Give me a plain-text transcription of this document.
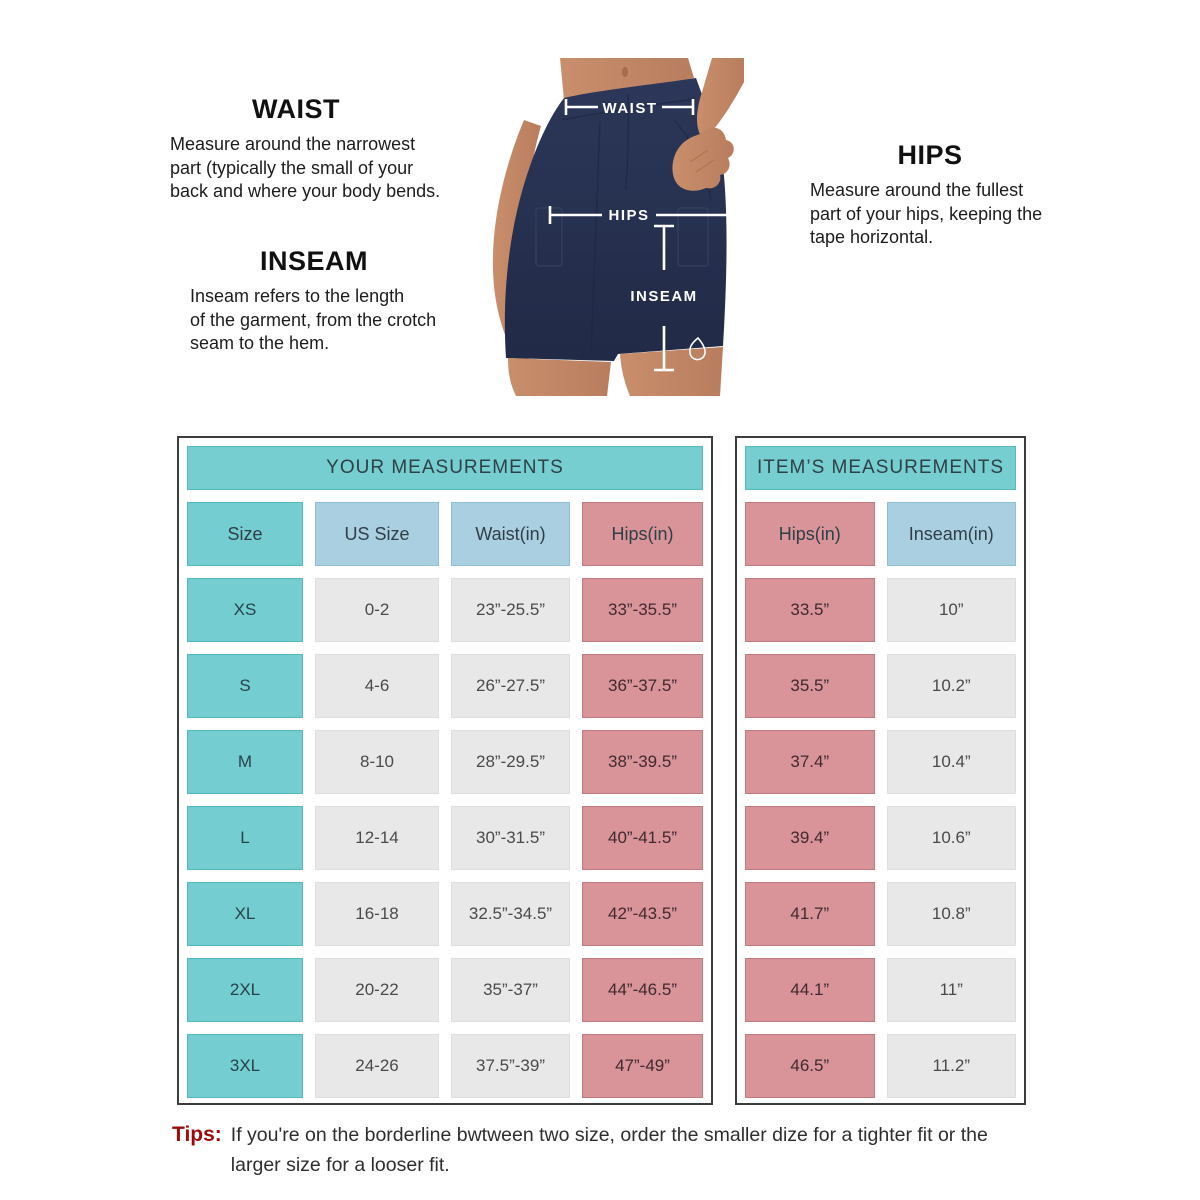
WAIST
Measure around the narrowest
part (typically the small of your
back and where your body bends.
INSEAM
Inseam refers to the length
of the garment, from the crotch
seam to the hem.
HIPS
Measure around the fullest
part of your hips, keeping the
tape horizontal.
WAIST
HIPS
INSEAM
YOUR MEASUREMENTS
Size	US Size	Waist(in)	Hips(in)
XS	0-2	23”-25.5”	33”-35.5”
S	4-6	26”-27.5”	36”-37.5”
M	8-10	28”-29.5”	38”-39.5”
L	12-14	30”-31.5”	40”-41.5”
XL	16-18	32.5”-34.5”	42”-43.5”
2XL	20-22	35”-37”	44”-46.5”
3XL	24-26	37.5”-39”	47”-49”
ITEM’S MEASUREMENTS
Hips(in)	Inseam(in)
33.5”	10”
35.5”	10.2”
37.4”	10.4”
39.4”	10.6”
41.7”	10.8”
44.1”	11”
46.5”	11.2”
Tips: If you're on the borderline bwtween two size, order the smaller dize for a tighter fit or the
larger size for a looser fit.
